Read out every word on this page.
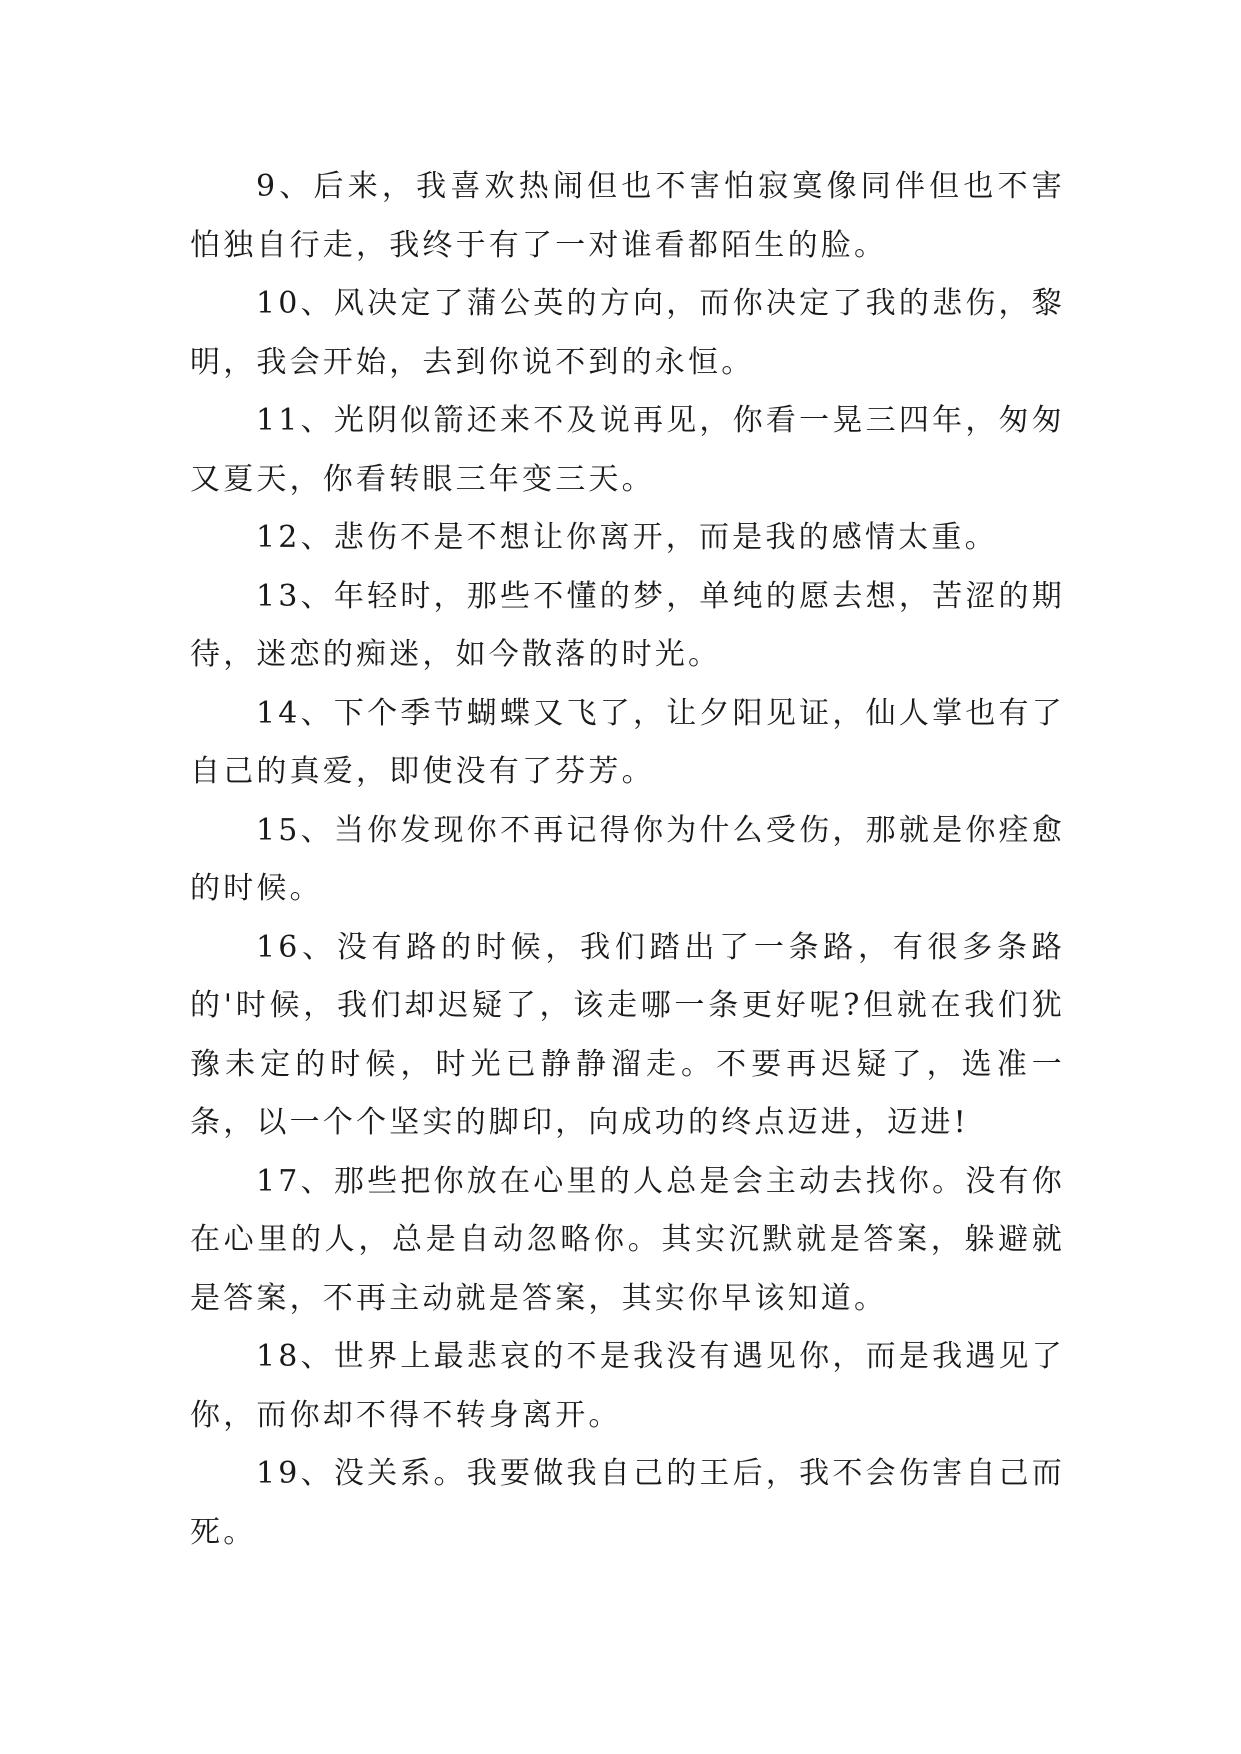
9、后来，我喜欢热闹但也不害怕寂寞像同伴但也不害怕独自行走，我终于有了一对谁看都陌生的脸。

10、风决定了蒲公英的方向，而你决定了我的悲伤，黎明，我会开始，去到你说不到的永恒。

11、光阴似箭还来不及说再见，你看一晃三四年，匆匆又夏天，你看转眼三年变三天。

12、悲伤不是不想让你离开，而是我的感情太重。

13、年轻时，那些不懂的梦，单纯的愿去想，苦涩的期待，迷恋的痴迷，如今散落的时光。

14、下个季节蝴蝶又飞了，让夕阳见证，仙人掌也有了自己的真爱，即使没有了芬芳。

15、当你发现你不再记得你为什么受伤，那就是你痊愈的时候。

16、没有路的时候，我们踏出了一条路，有很多条路的'时候，我们却迟疑了，该走哪一条更好呢?但就在我们犹豫未定的时候，时光已静静溜走。不要再迟疑了，选准一条，以一个个坚实的脚印，向成功的终点迈进，迈进!

17、那些把你放在心里的人总是会主动去找你。没有你在心里的人，总是自动忽略你。其实沉默就是答案，躲避就是答案，不再主动就是答案，其实你早该知道。

18、世界上最悲哀的不是我没有遇见你，而是我遇见了你，而你却不得不转身离开。

19、没关系。我要做我自己的王后，我不会伤害自己而死。
